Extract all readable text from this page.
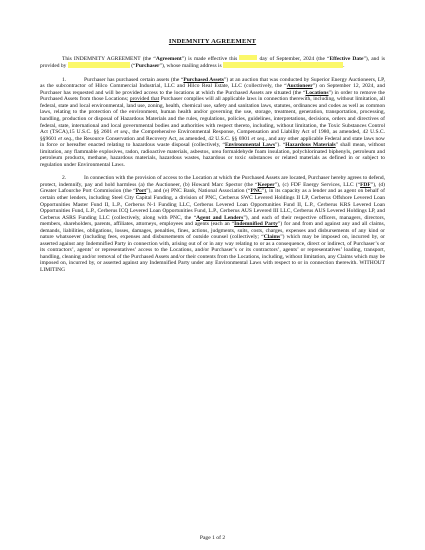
INDEMNITY AGREEMENT

This INDEMNITY AGREEMENT (the “Agreement”) is made effective this	day of September, 2024 (the “Effective Date”), and is provided by	(“Purchaser”), whose mailing address is	.

1.	Purchaser has purchased certain assets (the “Purchased Assets”) at an auction that was conducted by Superior Energy Auctioneers, LP, as the subcontractor of Hilco Commercial Industrial, LLC and Hilco Real Estate, LLC (collectively, the “Auctioneer”) on September 12, 2024, and Purchaser has requested and will be provided access to the locations at which the Purchased Assets are situated (the “Locations”) in order to remove the Purchased Assets from those Locations; provided that Purchaser complies will all applicable laws in connection therewith, including, without limitation, all federal, state and local environmental, land use, zoning, health, chemical use, safety and sanitation laws, statutes, ordinances and codes as well as common laws, relating to the protection of the environment, human health and/or governing the use, storage, treatment, generation, transportation, processing, handling, production or disposal of Hazardous Materials and the rules, regulations, policies, guidelines, interpretations, decisions, orders and directives of federal, state, international and local governmental bodies and authorities with respect thereto, including, without limitation, the Toxic Substances Control Act (TSCA),15 U.S.C. §§ 2601 et seq., the Comprehensive Environmental Response, Compensation and Liability Act of 1980, as amended, 42 U.S.C. §§9601 et seq., the Resource Conservation and Recovery Act, as amended, 42 U.S.C. §§ 6901 et seq., and any other applicable Federal and state laws now in force or hereafter enacted relating to hazardous waste disposal (collectively, “Environmental Laws”). “Hazardous Materials” shall mean, without limitation, any flammable explosives, radon, radioactive materials, asbestos, urea formaldehyde foam insulation, polychlorinated biphenyls, petroleum and petroleum products, methane, hazardous materials, hazardous wastes, hazardous or toxic substances or related materials as defined in or subject to regulation under Environmental Laws.

2.	In connection with the provision of access to the Location at which the Purchased Assets are located, Purchaser hereby agrees to defend, protect, indemnify, pay and hold harmless (a) the Auctioneer, (b) Howard Marc Spector (the “Keeper”), (c) FDF Energy Services, LLC (“FDF”), (d) Greater Lafourche Port Commission (the “Port”), and (e) PNC Bank, National Association (“PNC”), in its capacity as a lender and as agent on behalf of certain other lenders, including Steel City Capital Funding, a division of PNC, Cerberus SWC Levered Holdings II LP, Cerberus Offshore Levered Loan Opportunities Master Fund II, L.P., Cerberus N-1 Funding LLC, Cerberus Levered Loan Opportunities Fund II, L.P., Cerberus KRS Levered Loan Opportunities Fund, L.P., Cerberus ICQ Levered Loan Opportunities Fund, L.P., Cerberus AUS Levered III LLC, Cerberus AUS Levered Holdings LP, and Cerberus ASRS Funding LLC (collectively, along with PNC, the “Agent and Lenders”), and each of their respective officers, managers, directors, members, shareholders, parents, affiliates, attorneys, employees and agents (each an “Indemnified Party”) for and from and against any and all claims, demands, liabilities, obligations, losses, damages, penalties, fines, actions, judgments, suits, costs, charges, expenses and disbursements of any kind or nature whatsoever (including fees, expenses and disbursements of outside counsel (collectively; “Claims”) which may be imposed on, incurred by, or asserted against any Indemnified Party in connection with, arising out of or in any way relating to or as a consequence, direct or indirect, of Purchaser’s or its contractors’, agents’ or representatives’ access to the Locations, and/or Purchaser’s or its contractors’, agents’ or representatives’ loading, transport, handling, cleaning and/or removal of the Purchased Assets and/or their contents from the Locations, including, without limitation, any Claims which may be imposed on, incurred by, or asserted against any Indemnified Party under any Environmental Laws with respect to or in connection therewith. WITHOUT LIMITING

Page 1 of 2
